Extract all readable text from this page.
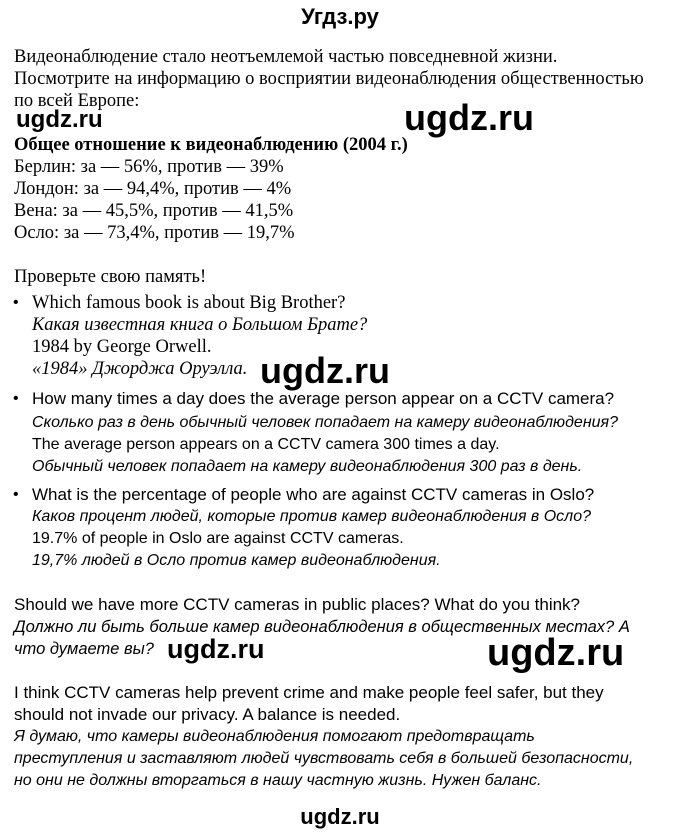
Угдз.ру
Видеонаблюдение стало неотъемлемой частью повседневной жизни.
Посмотрите на информацию о восприятии видеонаблюдения общественностью
по всей Европе:
Общее отношение к видеонаблюдению (2004 г.)
Берлин: за — 56%, против — 39%
Лондон: за — 94,4%, против — 4%
Вена: за — 45,5%, против — 41,5%
Осло: за — 73,4%, против — 19,7%
Проверьте свою память!
• Which famous book is about Big Brother?
Какая известная книга о Большом Брате?
1984 by George Orwell.
«1984» Джорджа Оруэлла.
• How many times a day does the average person appear on a CCTV camera?
Сколько раз в день обычный человек попадает на камеру видеонаблюдения?
The average person appears on a CCTV camera 300 times a day.
Обычный человек попадает на камеру видеонаблюдения 300 раз в день.
• What is the percentage of people who are against CCTV cameras in Oslo?
Каков процент людей, которые против камер видеонаблюдения в Осло?
19.7% of people in Oslo are against CCTV cameras.
19,7% людей в Осло против камер видеонаблюдения.
Should we have more CCTV cameras in public places? What do you think?
Должно ли быть больше камер видеонаблюдения в общественных местах? А
что думаете вы?
I think CCTV cameras help prevent crime and make people feel safer, but they
should not invade our privacy. A balance is needed.
Я думаю, что камеры видеонаблюдения помогают предотвращать
преступления и заставляют людей чувствовать себя в большей безопасности,
но они не должны вторгаться в нашу частную жизнь. Нужен баланс.
ugdz.ru
ugdz.ru
ugdz.ru
ugdz.ru	ugdz.ru
ugdz.ru
